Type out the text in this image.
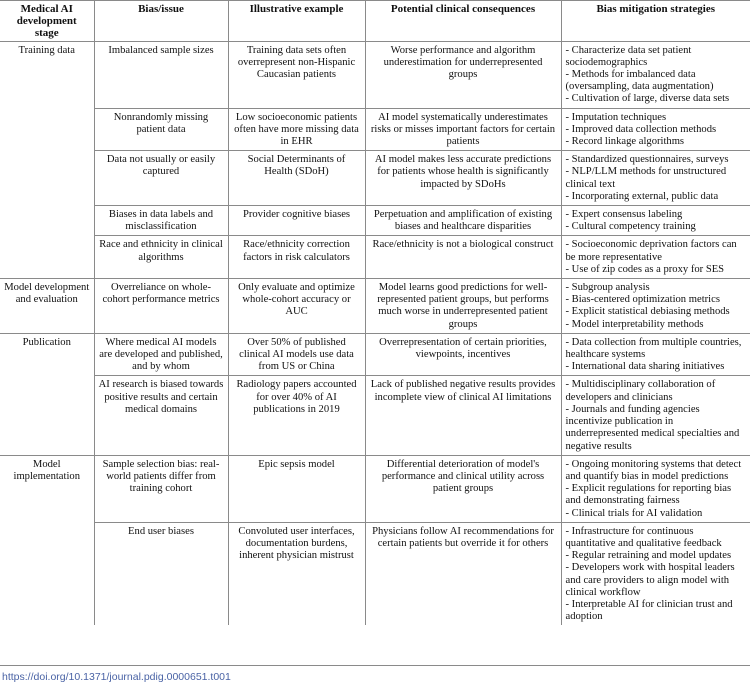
Medical AI development stage	Bias/issue	Illustrative example	Potential clinical consequences	Bias mitigation strategies
Training data	Imbalanced sample sizes	Training data sets often overrepresent non-Hispanic Caucasian patients	Worse performance and algorithm underestimation for underrepresented groups	- Characterize data set patient sociodemographics
- Methods for imbalanced data (oversampling, data augmentation)
- Cultivation of large, diverse data sets

	Nonrandomly missing patient data	Low socioeconomic patients often have more missing data in EHR	AI model systematically underestimates risks or misses important factors for certain patients	- Imputation techniques
- Improved data collection methods
- Record linkage algorithms

	Data not usually or easily captured	Social Determinants of Health (SDoH)	AI model makes less accurate predictions for patients whose health is significantly impacted by SDoHs	- Standardized questionnaires, surveys
- NLP/LLM methods for unstructured clinical text
- Incorporating external, public data

	Biases in data labels and misclassification	Provider cognitive biases	Perpetuation and amplification of existing biases and healthcare disparities	- Expert consensus labeling
- Cultural competency training

	Race and ethnicity in clinical algorithms	Race/ethnicity correction factors in risk calculators	Race/ethnicity is not a biological construct	- Socioeconomic deprivation factors can be more representative
- Use of zip codes as a proxy for SES

Model development and evaluation	Overreliance on whole-cohort performance metrics	Only evaluate and optimize whole-cohort accuracy or AUC	Model learns good predictions for well-represented patient groups, but performs much worse in underrepresented patient groups	- Subgroup analysis
- Bias-centered optimization metrics
- Explicit statistical debiasing methods
- Model interpretability methods

Publication	Where medical AI models are developed and published, and by whom	Over 50% of published clinical AI models use data from US or China	Overrepresentation of certain priorities, viewpoints, incentives	- Data collection from multiple countries, healthcare systems
- International data sharing initiatives

	AI research is biased towards positive results and certain medical domains	Radiology papers accounted for over 40% of AI publications in 2019	Lack of published negative results provides incomplete view of clinical AI limitations	- Multidisciplinary collaboration of developers and clinicians
- Journals and funding agencies incentivize publication in underrepresented medical specialties and negative results

Model implementation	Sample selection bias: real-world patients differ from training cohort	Epic sepsis model	Differential deterioration of model's performance and clinical utility across patient groups	- Ongoing monitoring systems that detect and quantify bias in model predictions
- Explicit regulations for reporting bias and demonstrating fairness
- Clinical trials for AI validation

	End user biases	Convoluted user interfaces, documentation burdens, inherent physician mistrust	Physicians follow AI recommendations for certain patients but override it for others	- Infrastructure for continuous quantitative and qualitative feedback
- Regular retraining and model updates
- Developers work with hospital leaders and care providers to align model with clinical workflow
- Interpretable AI for clinician trust and adoption
https://doi.org/10.1371/journal.pdig.0000651.t001
